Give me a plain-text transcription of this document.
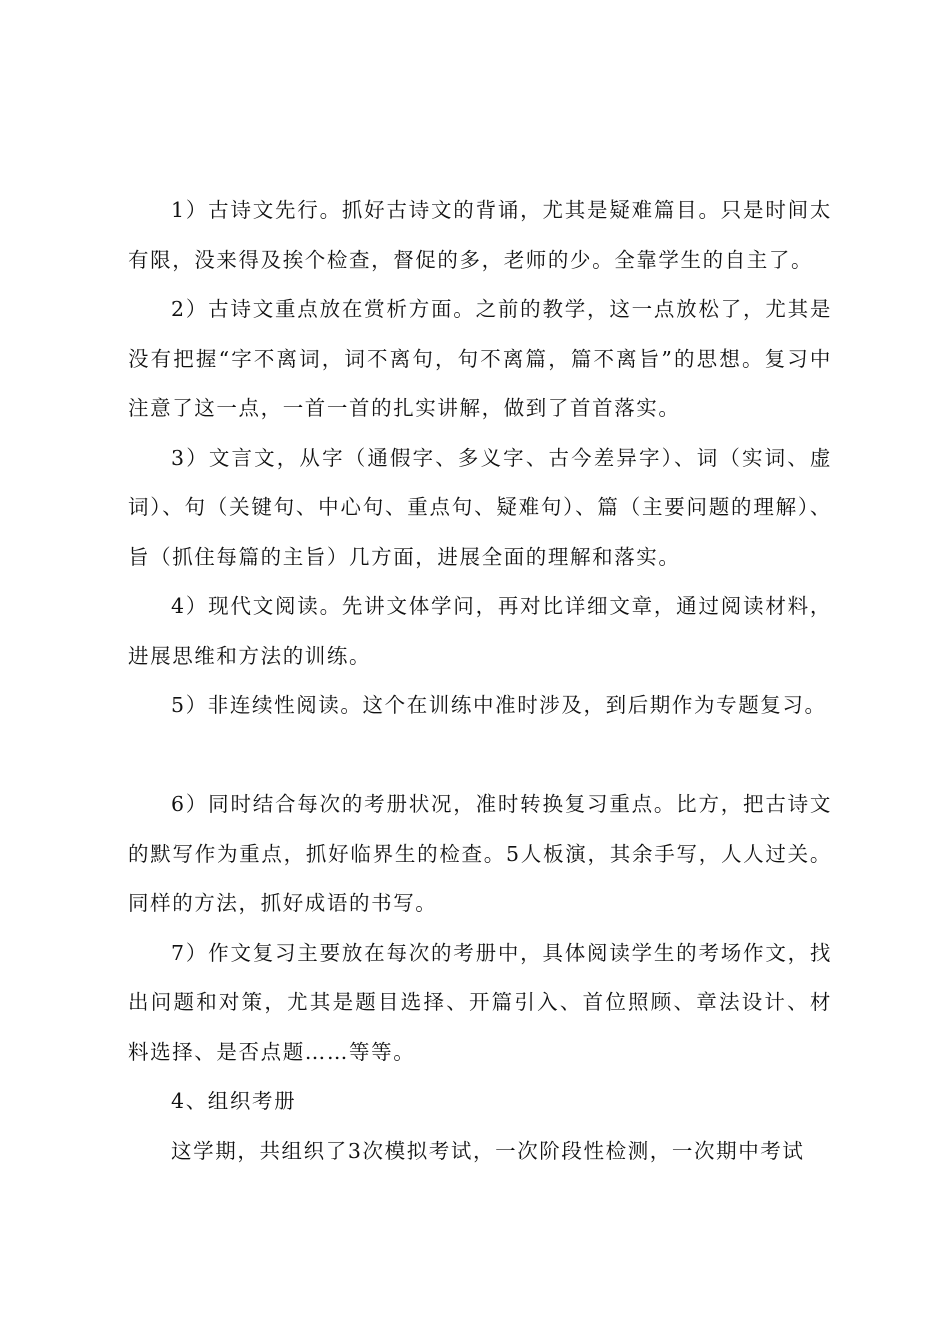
1）古诗文先行。抓好古诗文的背诵，尤其是疑难篇目。只是时间太有限，没来得及挨个检查，督促的多，老师的少。全靠学生的自主了。

2）古诗文重点放在赏析方面。之前的教学，这一点放松了，尤其是没有把握“字不离词，词不离句，句不离篇，篇不离旨”的思想。复习中注意了这一点，一首一首的扎实讲解，做到了首首落实。

3）文言文，从字（通假字、多义字、古今差异字）、词（实词、虚词）、句（关键句、中心句、重点句、疑难句）、篇（主要问题的理解）、旨（抓住每篇的主旨）几方面，进展全面的理解和落实。

4）现代文阅读。先讲文体学问，再对比详细文章，通过阅读材料，进展思维和方法的训练。

5）非连续性阅读。这个在训练中准时涉及，到后期作为专题复习。

6）同时结合每次的考册状况，准时转换复习重点。比方，把古诗文的默写作为重点，抓好临界生的检查。5人板演，其余手写，人人过关。同样的方法，抓好成语的书写。

7）作文复习主要放在每次的考册中，具体阅读学生的考场作文，找出问题和对策，尤其是题目选择、开篇引入、首位照顾、章法设计、材料选择、是否点题……等等。

4、组织考册

这学期，共组织了3次模拟考试，一次阶段性检测，一次期中考试
